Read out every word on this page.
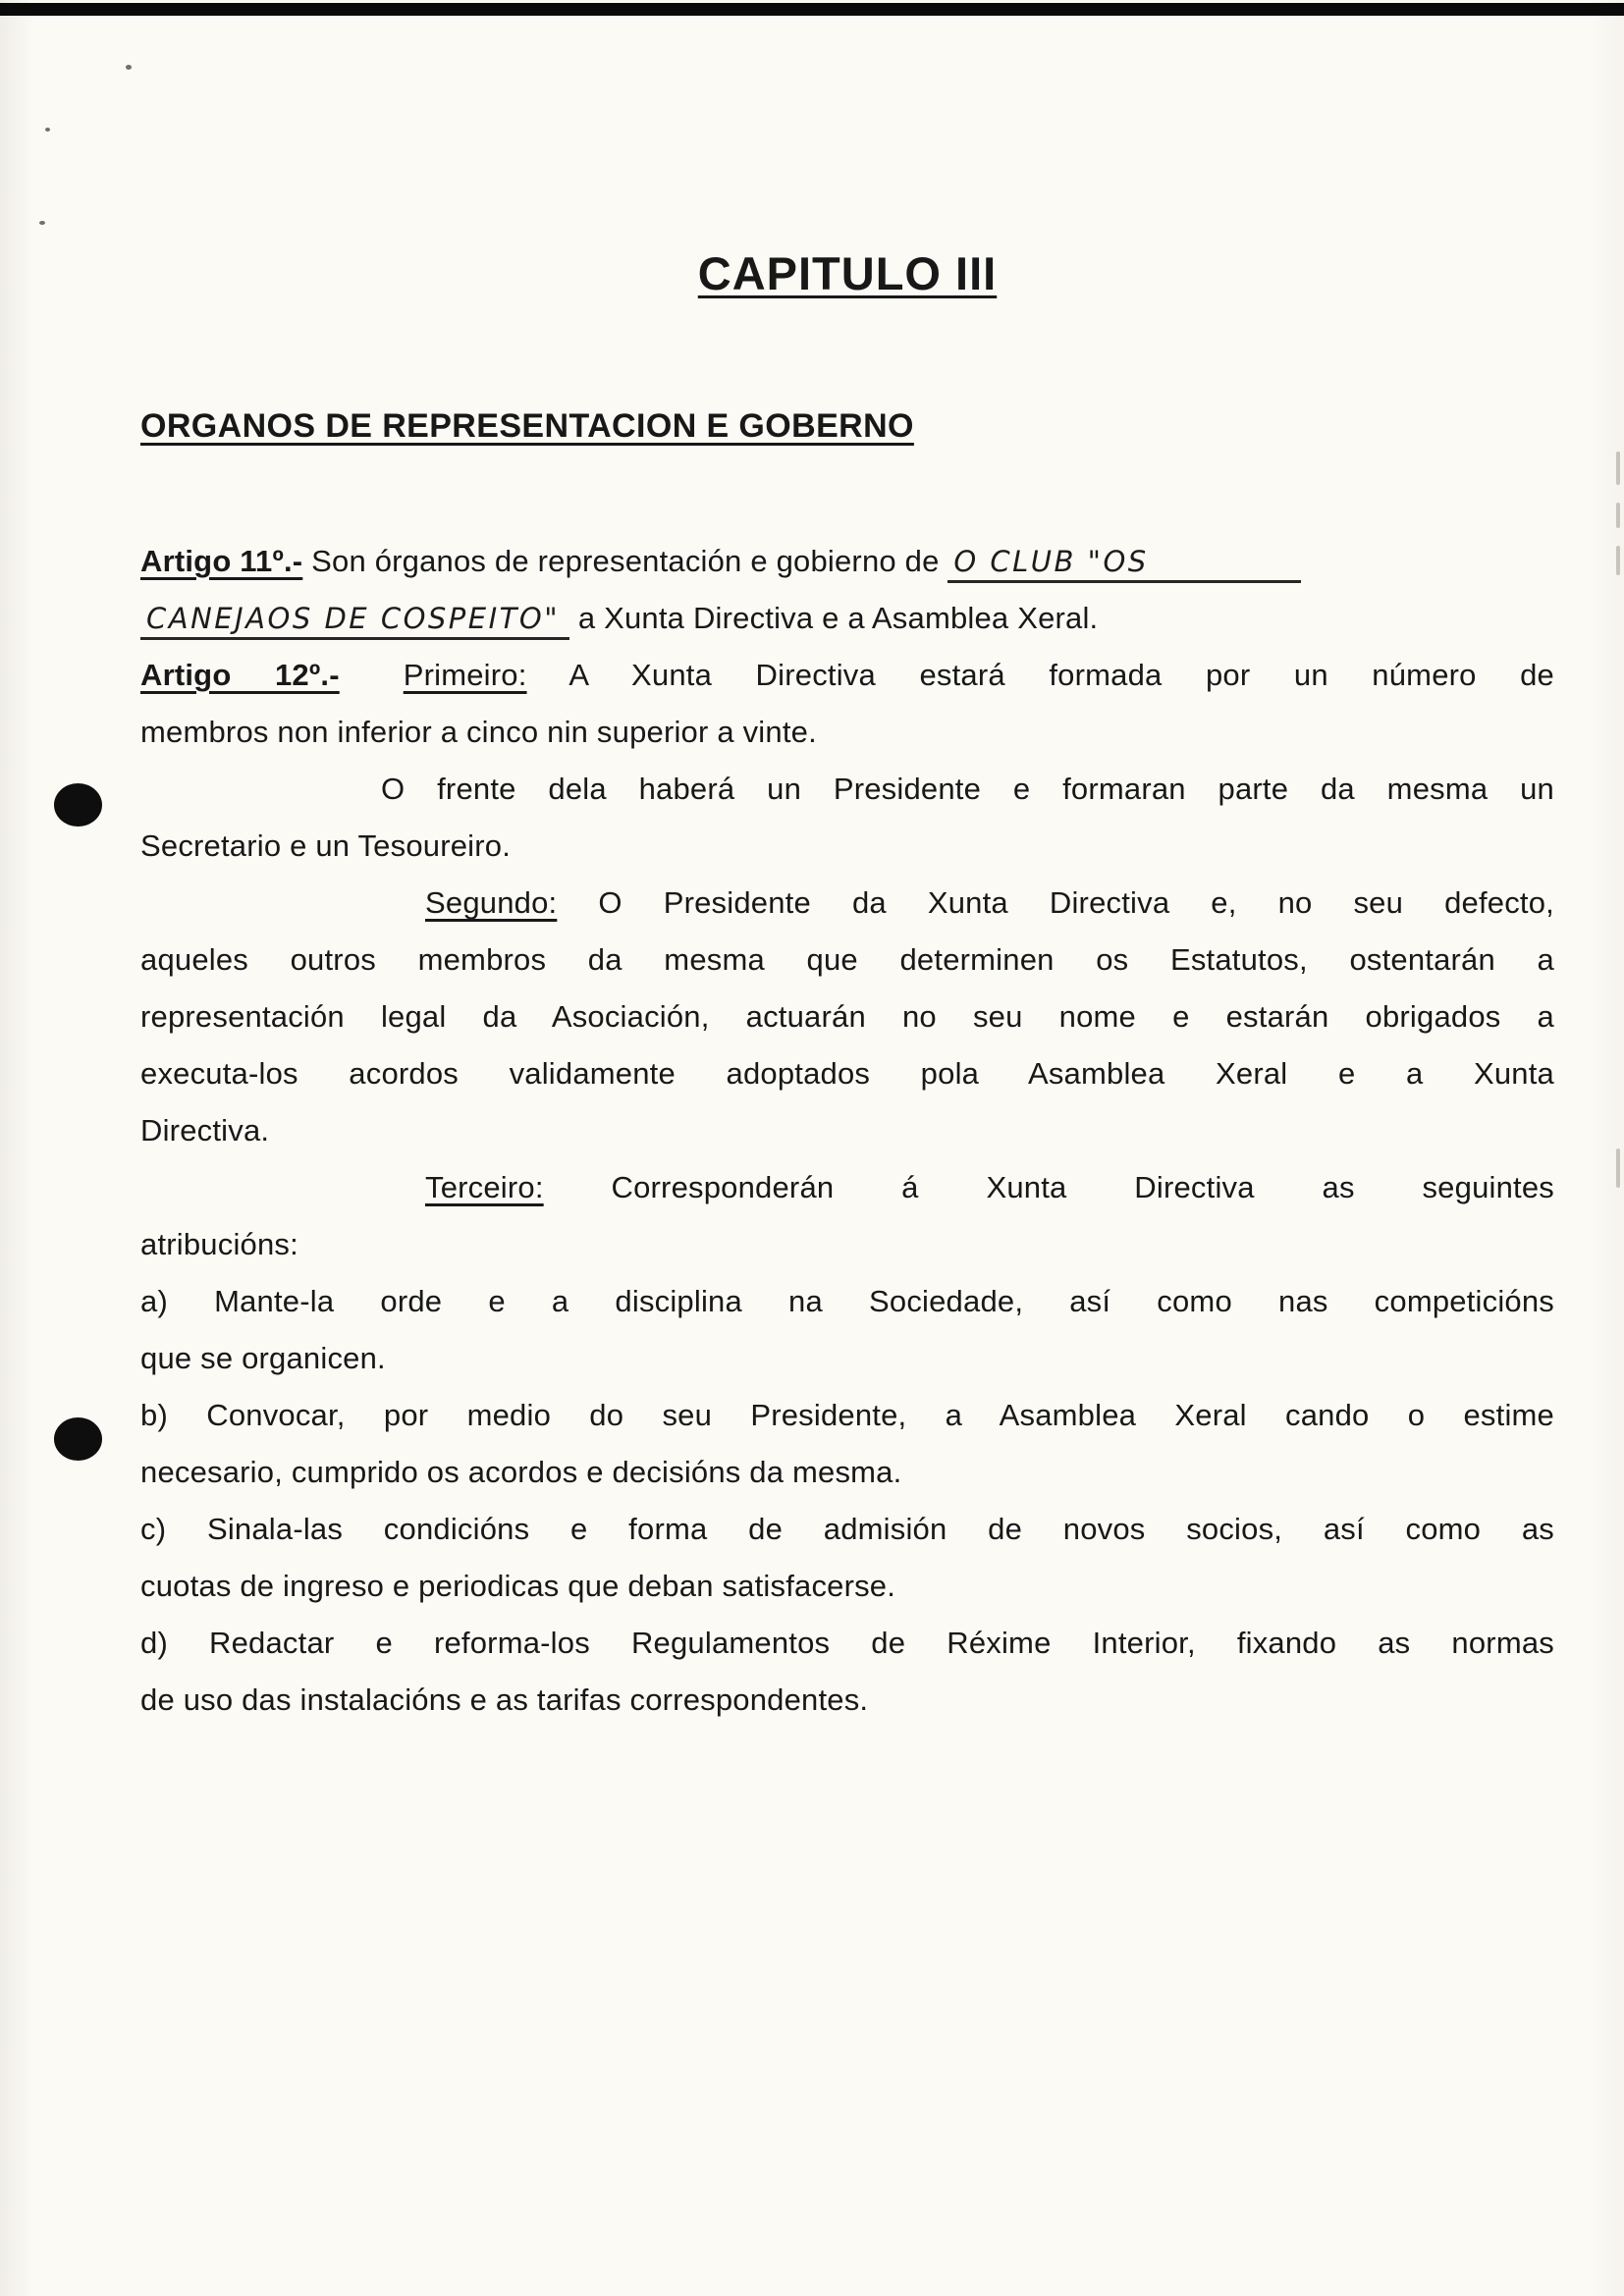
CAPITULO III
ORGANOS DE REPRESENTACION E GOBERNO

Artigo 11º.- Son órganos de representación e gobierno de O CLUB "OS
CANEJAOS DE COSPEITO" a Xunta Directiva e a Asamblea Xeral.

Artigo 12º.- Primeiro: A Xunta Directiva estará formada por un número de
membros non inferior a cinco nin superior a vinte.

O frente dela haberá un Presidente e formaran parte da mesma un
Secretario e un Tesoureiro.

Segundo: O Presidente da Xunta Directiva e, no seu defecto,
aqueles outros membros da mesma que determinen os Estatutos, ostentarán a
representación legal da Asociación, actuarán no seu nome e estarán obrigados a
executa-los acordos validamente adoptados pola Asamblea Xeral e a Xunta
Directiva.

Terceiro: Corresponderán á Xunta Directiva as seguintes
atribucións:

a) Mante-la orde e a disciplina na Sociedade, así como nas competicións
que se organicen.

b) Convocar, por medio do seu Presidente, a Asamblea Xeral cando o estime
necesario, cumprido os acordos e decisións da mesma.

c) Sinala-las condicións e forma de admisión de novos socios, así como as
cuotas de ingreso e periodicas que deban satisfacerse.

d) Redactar e reforma-los Regulamentos de Réxime Interior, fixando as normas
de uso das instalacións e as tarifas correspondentes.
